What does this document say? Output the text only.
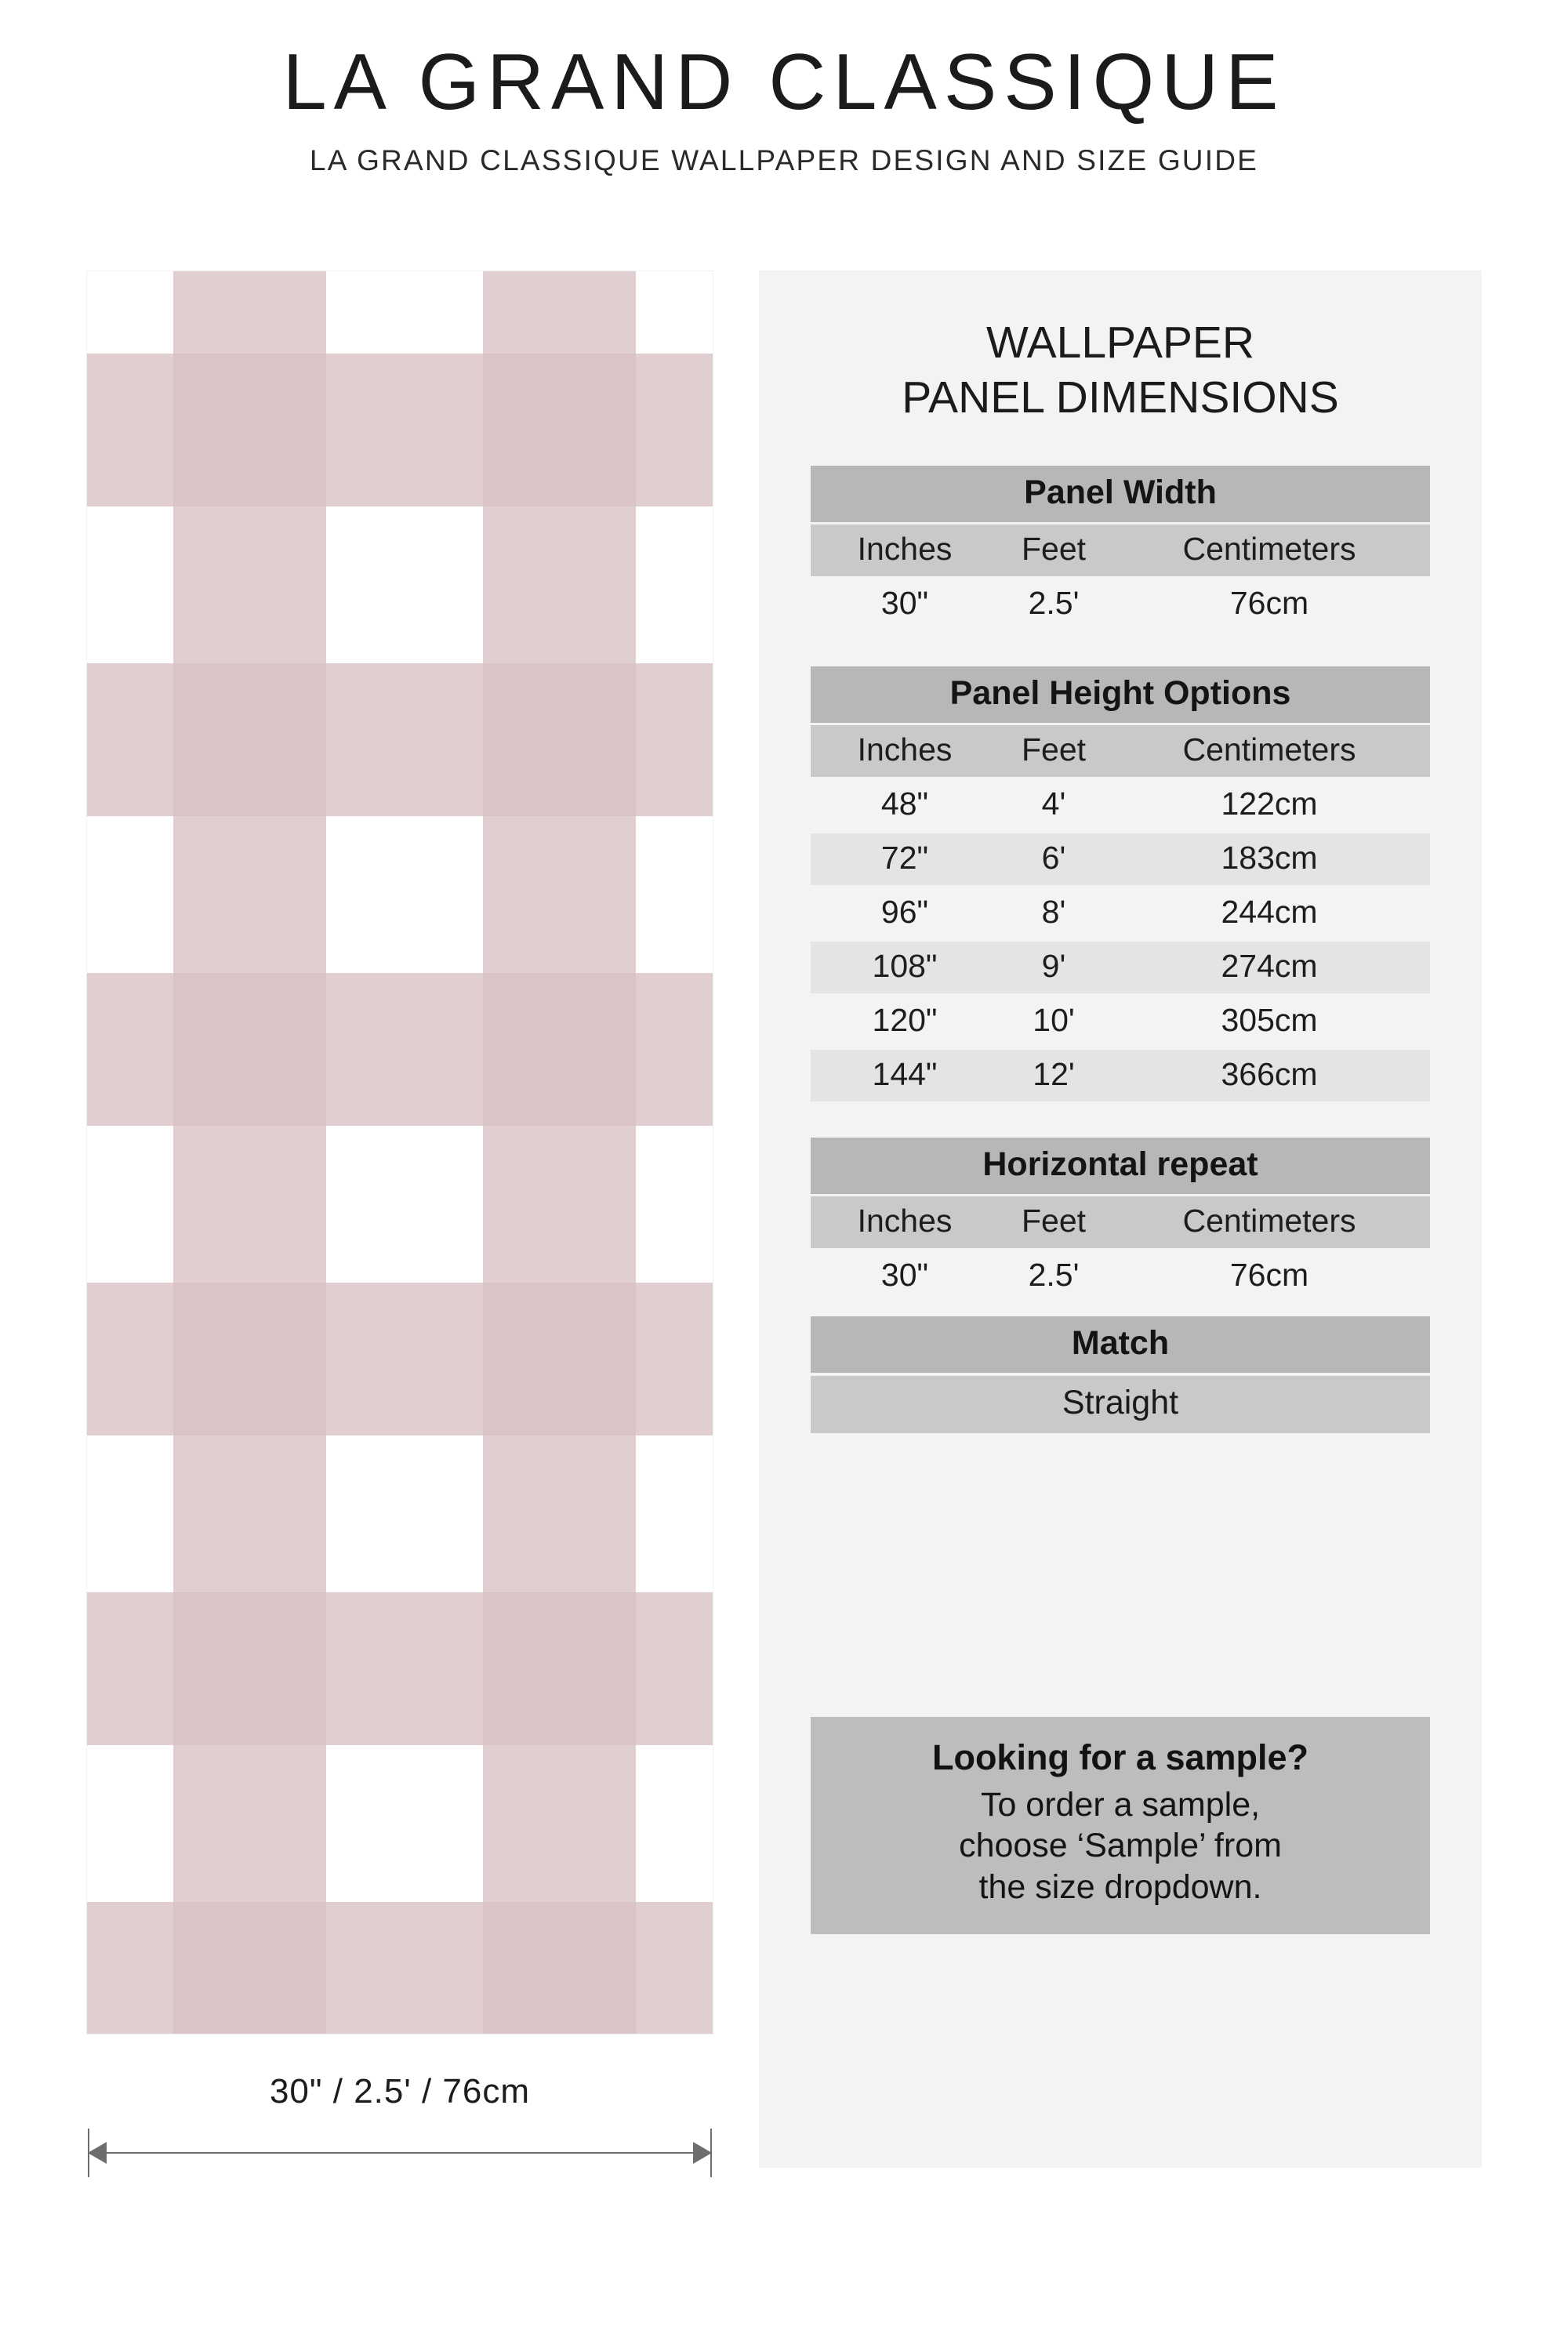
LA GRAND CLASSIQUE
LA GRAND CLASSIQUE WALLPAPER DESIGN AND SIZE GUIDE
30" / 2.5' / 76cm
WALLPAPER
PANEL DIMENSIONS
Panel Width
Inches	Feet	Centimeters
30"	2.5'	76cm
Panel Height Options
Inches	Feet	Centimeters
48"	4'	122cm
72"	6'	183cm
96"	8'	244cm
108"	9'	274cm
120"	10'	305cm
144"	12'	366cm
Horizontal repeat
Inches	Feet	Centimeters
30"	2.5'	76cm
Match
Straight
Looking for a sample?
To order a sample,
choose ‘Sample’ from
the size dropdown.
